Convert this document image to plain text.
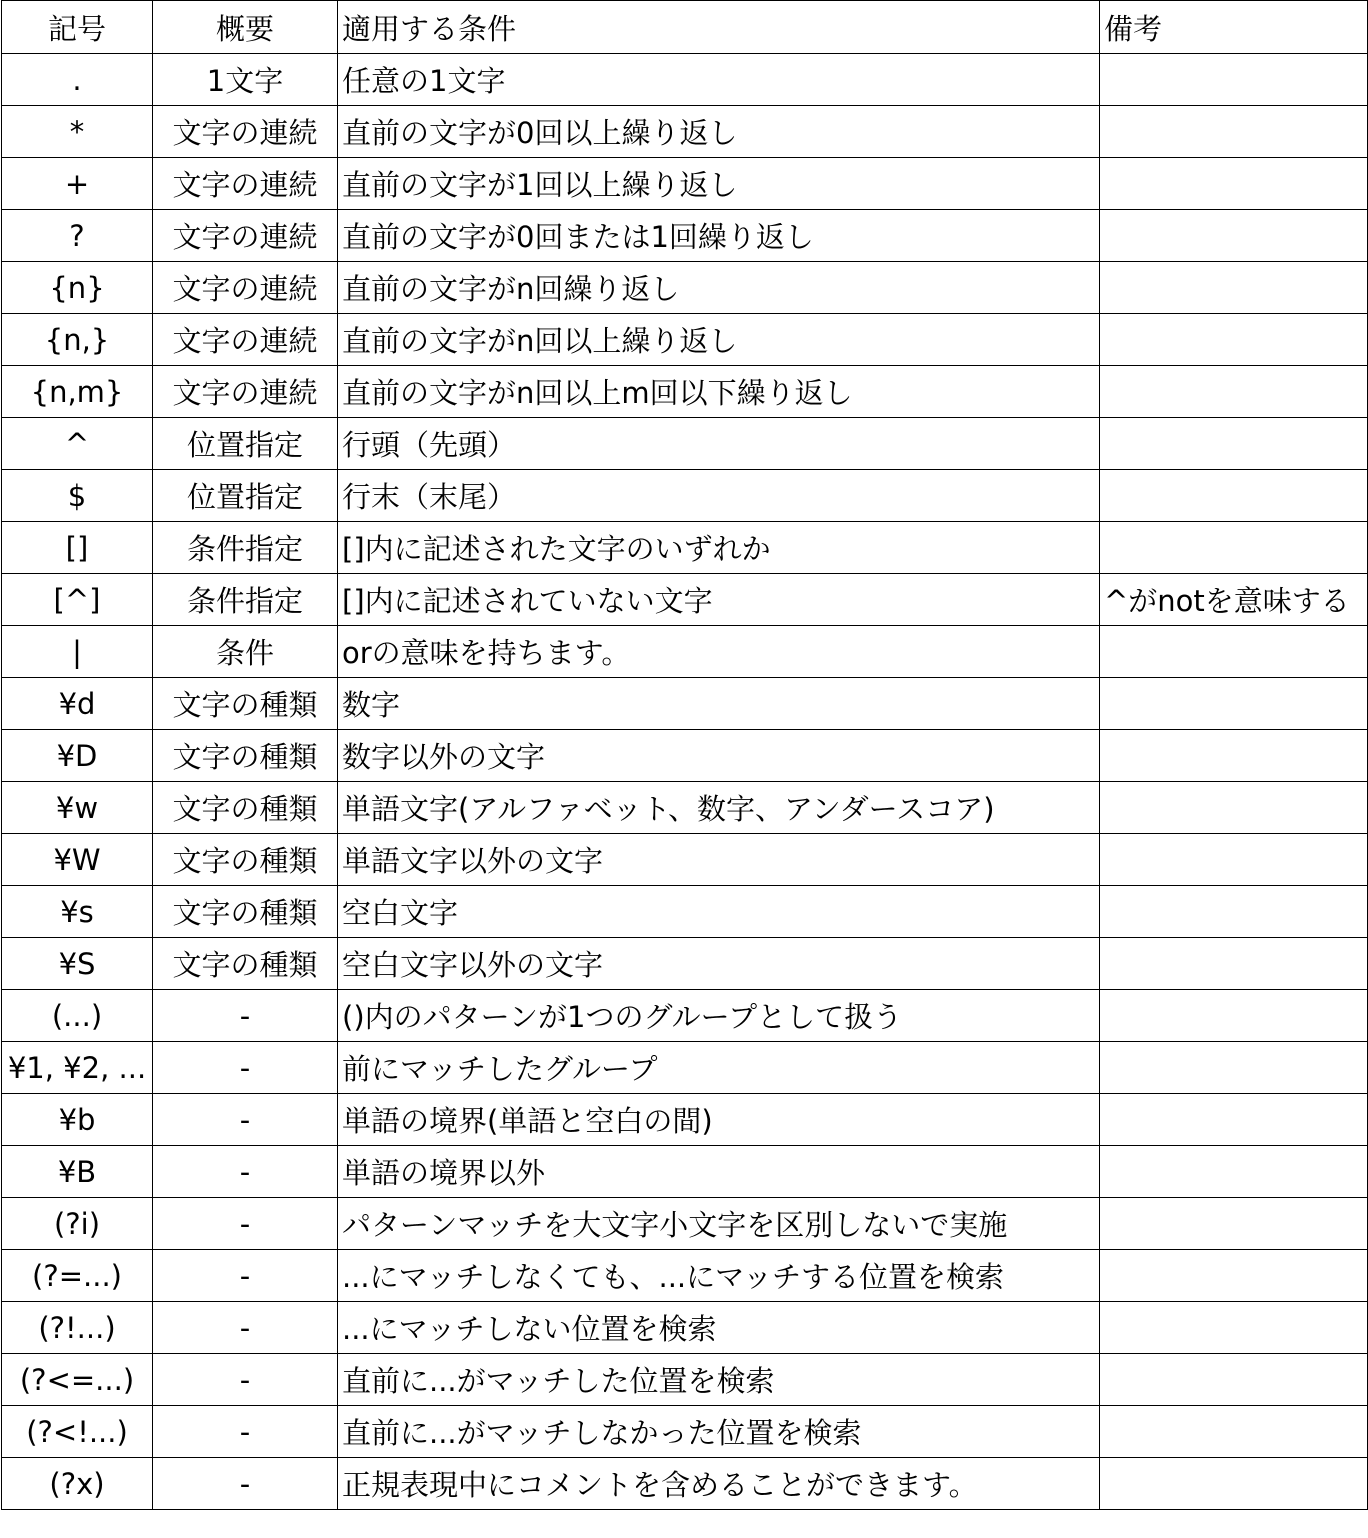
記号	概要	適用する条件	備考
.	1文字	任意の1文字	
*	文字の連続	直前の文字が0回以上繰り返し	
+	文字の連続	直前の文字が1回以上繰り返し	
?	文字の連続	直前の文字が0回または1回繰り返し	
{n}	文字の連続	直前の文字がn回繰り返し	
{n,}	文字の連続	直前の文字がn回以上繰り返し	
{n,m}	文字の連続	直前の文字がn回以上m回以下繰り返し	
^	位置指定	行頭（先頭）	
$	位置指定	行末（末尾）	
[]	条件指定	[]内に記述された文字のいずれか	
[^]	条件指定	[]内に記述されていない文字	^がnotを意味する
|	条件	orの意味を持ちます。	
¥d	文字の種類	数字	
¥D	文字の種類	数字以外の文字	
¥w	文字の種類	単語文字(アルファベット、数字、アンダースコア)	
¥W	文字の種類	単語文字以外の文字	
¥s	文字の種類	空白文字	
¥S	文字の種類	空白文字以外の文字	
(...)	-	()内のパターンが1つのグループとして扱う	
¥1, ¥2, ...	-	前にマッチしたグループ	
¥b	-	単語の境界(単語と空白の間)	
¥B	-	単語の境界以外	
(?i)	-	パターンマッチを大文字小文字を区別しないで実施	
(?=...)	-	...にマッチしなくても、...にマッチする位置を検索	
(?!...)	-	...にマッチしない位置を検索	
(?<=...)	-	直前に...がマッチした位置を検索	
(?<!...)	-	直前に...がマッチしなかった位置を検索	
(?x)	-	正規表現中にコメントを含めることができます。	
